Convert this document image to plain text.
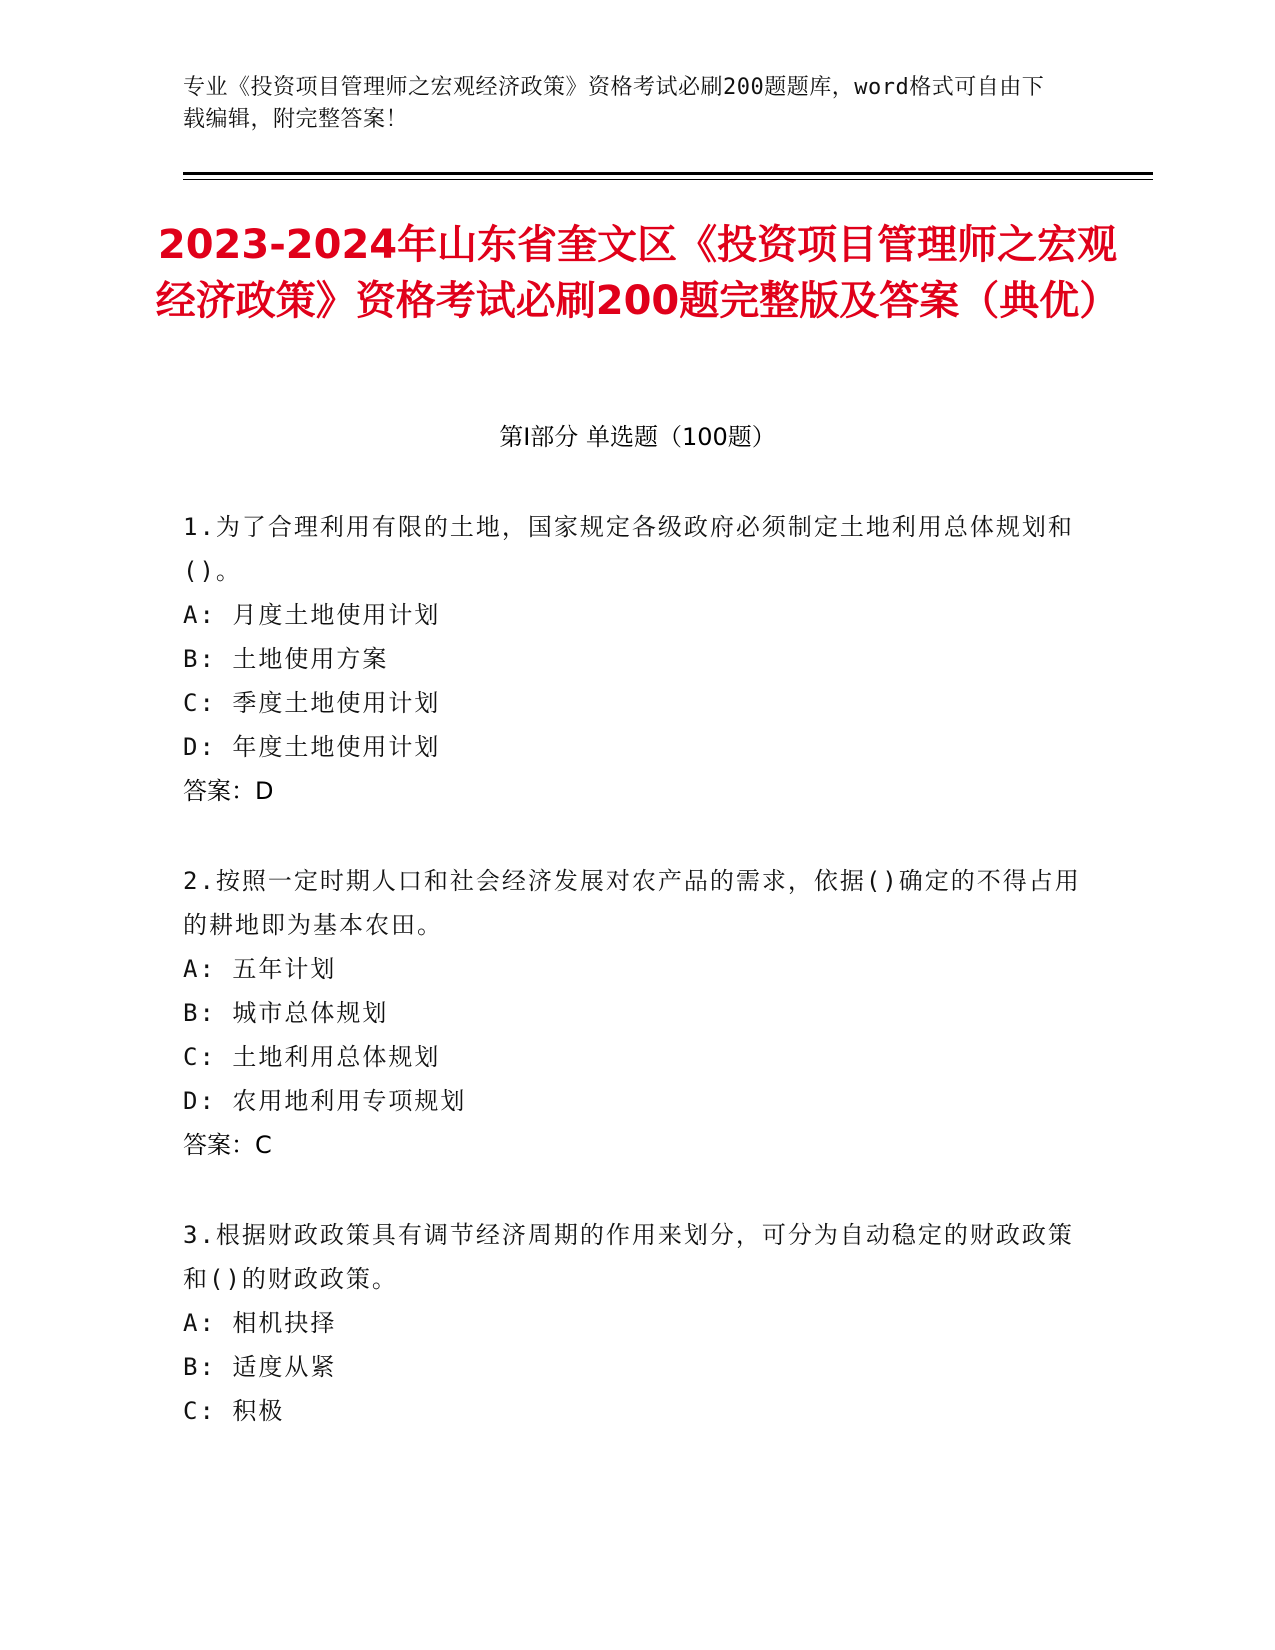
专业《投资项目管理师之宏观经济政策》资格考试必刷200题题库，word格式可自由下载编辑，附完整答案！
2023-2024年山东省奎文区《投资项目管理师之宏观经济政策》资格考试必刷200题完整版及答案（典优）
第I部分 单选题（100题）
1.为了合理利用有限的土地，国家规定各级政府必须制定土地利用总体规划和()。
A: 月度土地使用计划
B: 土地使用方案
C: 季度土地使用计划
D: 年度土地使用计划
答案：D
2.按照一定时期人口和社会经济发展对农产品的需求，依据()确定的不得占用的耕地即为基本农田。
A: 五年计划
B: 城市总体规划
C: 土地利用总体规划
D: 农用地利用专项规划
答案：C
3.根据财政政策具有调节经济周期的作用来划分，可分为自动稳定的财政政策和()的财政政策。
A: 相机抉择
B: 适度从紧
C: 积极
